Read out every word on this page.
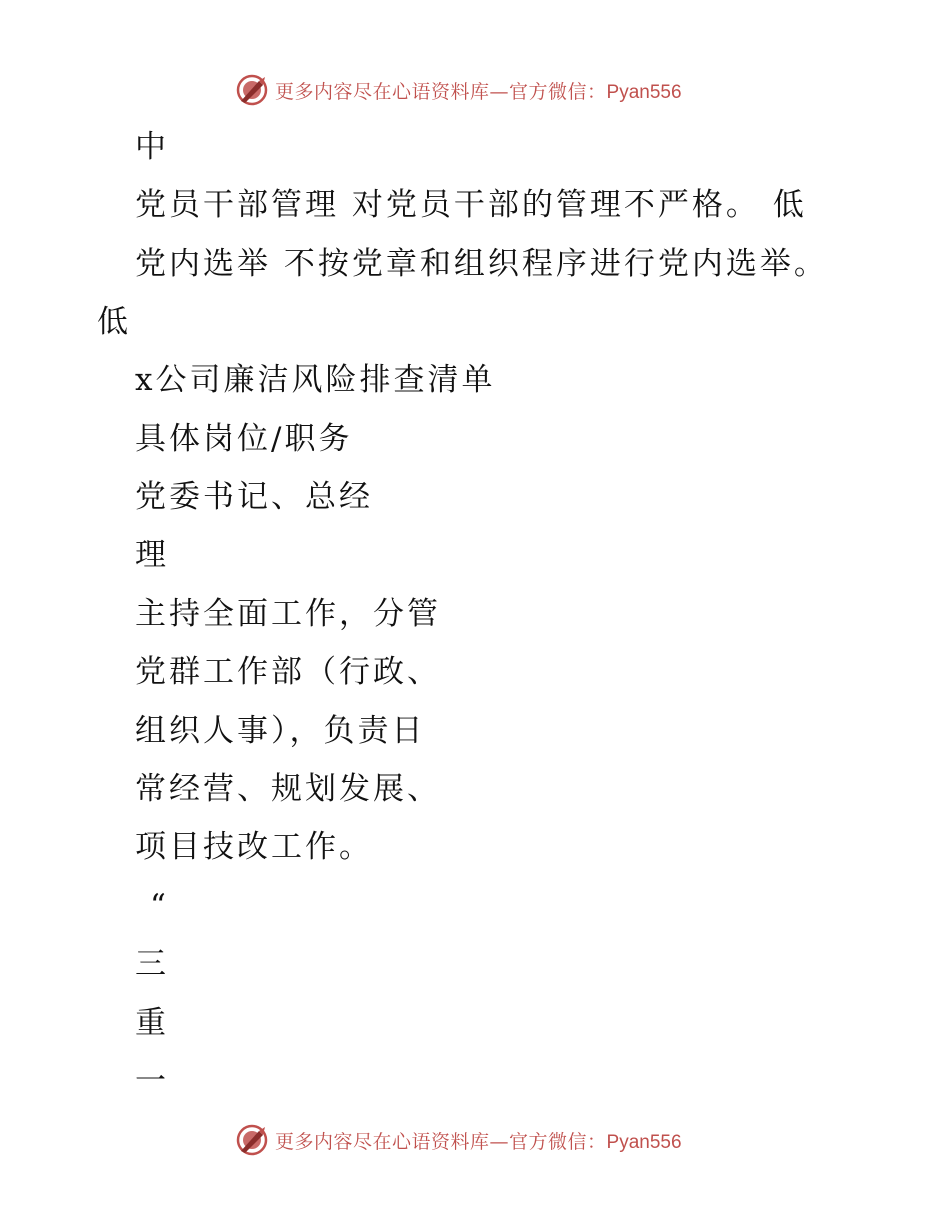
更多内容尽在心语资料库—官方微信：Pyan556
中
党员干部管理 对党员干部的管理不严格。 低
党内选举 不按党章和组织程序进行党内选举。
低
x公司廉洁风险排查清单
具体岗位/职务
党委书记、总经
理
主持全面工作，分管
党群工作部（行政、
组织人事），负责日
常经营、规划发展、
项目技改工作。
“
三
重
一
更多内容尽在心语资料库—官方微信：Pyan556
